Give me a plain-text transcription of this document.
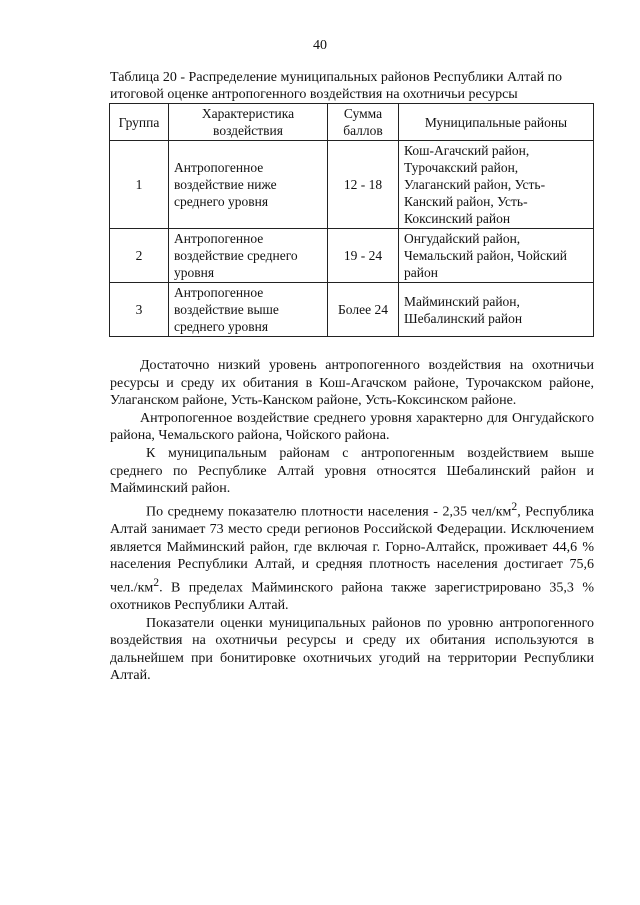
40
Таблица 20 - Распределение муниципальных районов Республики Алтай по итоговой оценке антропогенного воздействия на охотничьи ресурсы
Группа	Характеристика воздействия	Сумма баллов	Муниципальные районы
1	Антропогенное воздействие ниже среднего уровня	12 - 18	Кош-Агачский район, Турочакский район, Улаганский район, Усть-Канский район, Усть-Коксинский район
2	Антропогенное воздействие среднего уровня	19 - 24	Онгудайский район, Чемальский район, Чойский район
3	Антропогенное воздействие выше среднего уровня	Более 24	Майминский район, Шебалинский район

Достаточно низкий уровень антропогенного воздействия на охотничьи ресурсы и среду их обитания в Кош-Агачском районе, Турочакском районе, Улаганском районе, Усть-Канском районе, Усть-Коксинском районе.

Антропогенное воздействие среднего уровня характерно для Онгудайского района, Чемальского района, Чойского района.

К муниципальным районам с антропогенным воздействием выше среднего по Республике Алтай уровня относятся Шебалинский район и Майминский район.

По среднему показателю плотности населения - 2,35 чел/$км^2$, Республика Алтай занимает 73 место среди регионов Российской Федерации. Исключением является Майминский район, где включая г. Горно-Алтайск, проживает 44,6 % населения Республики Алтай, и средняя плотность населения достигает 75,6 $чел./км^2$. В пределах Майминского района также зарегистрировано 35,3 % охотников Республики Алтай.

Показатели оценки муниципальных районов по уровню антропогенного воздействия на охотничьи ресурсы и среду их обитания используются в дальнейшем при бонитировке охотничьих угодий на территории Республики Алтай.
